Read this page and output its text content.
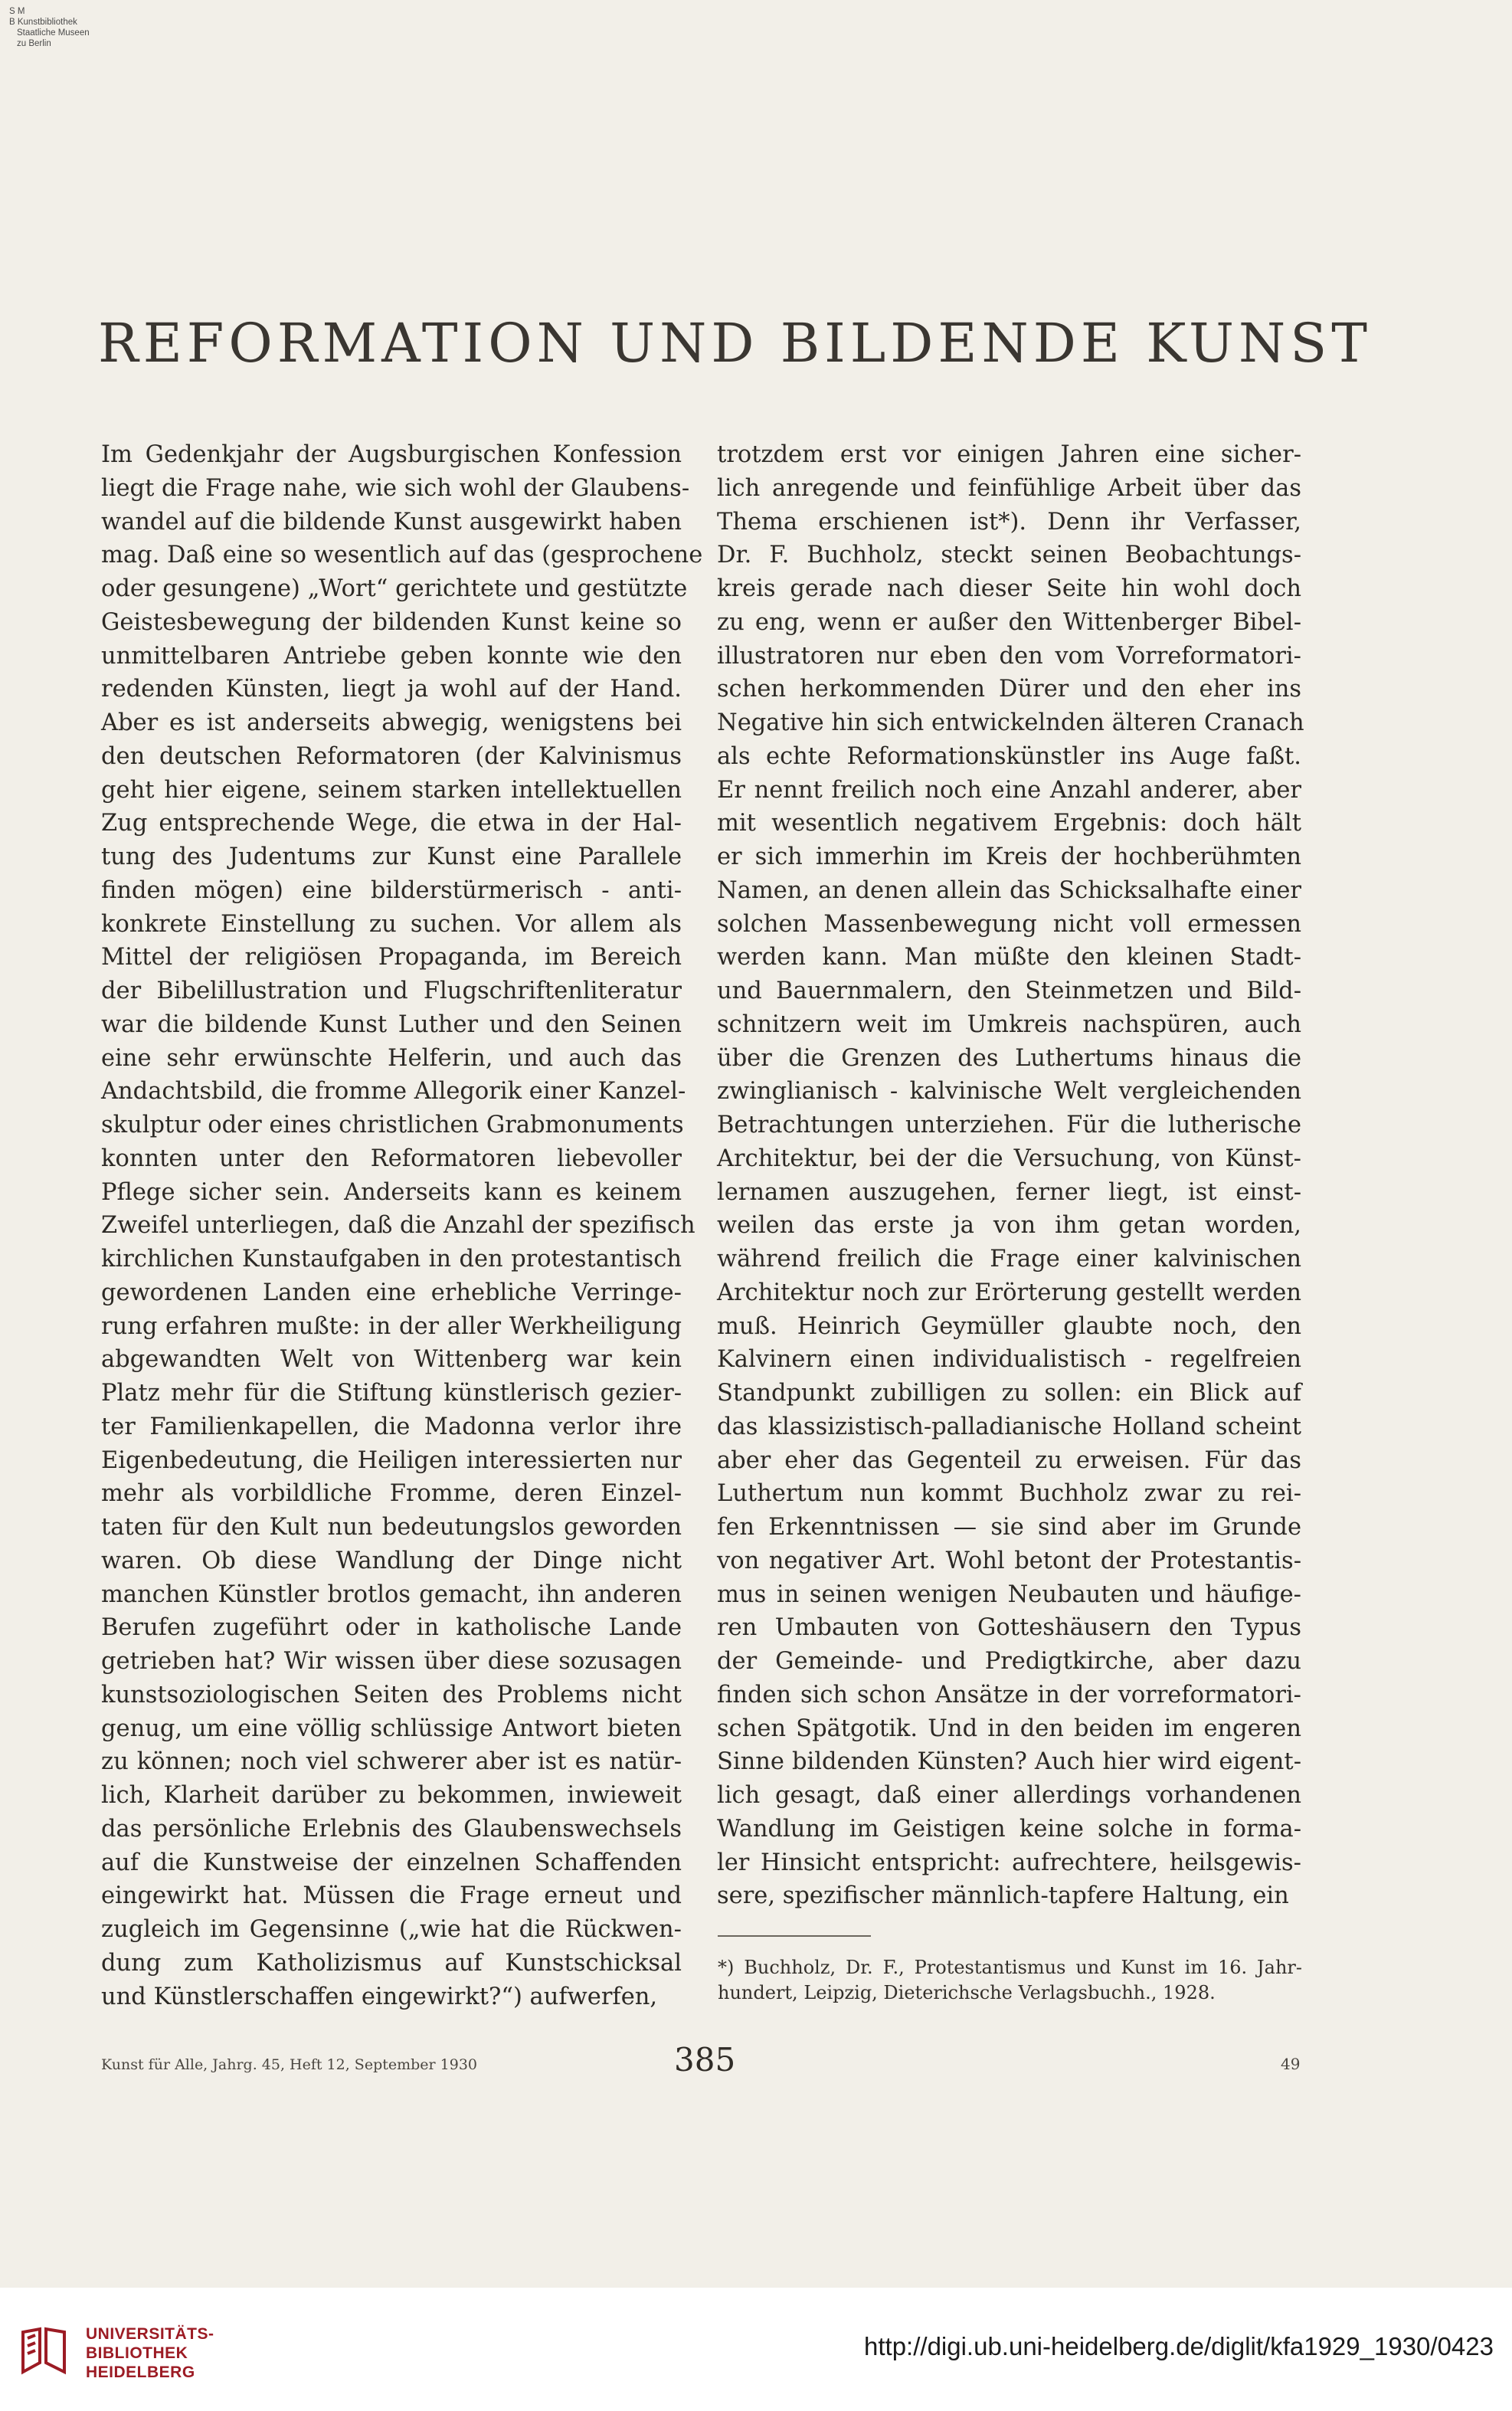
S M
B Kunstbibliothek
Staatliche Museen
zu Berlin
REFORMATION UND BILDENDE KUNST
Im Gedenkjahr der Augsburgischen Konfession
liegt die Frage nahe, wie sich wohl der Glaubens-
wandel auf die bildende Kunst ausgewirkt haben
mag. Daß eine so wesentlich auf das (gesprochene
oder gesungene) „Wort“ gerichtete und gestützte
Geistesbewegung der bildenden Kunst keine so
unmittelbaren Antriebe geben konnte wie den
redenden Künsten, liegt ja wohl auf der Hand.
Aber es ist anderseits abwegig, wenigstens bei
den deutschen Reformatoren (der Kalvinismus
geht hier eigene, seinem starken intellektuellen
Zug entsprechende Wege, die etwa in der Hal-
tung des Judentums zur Kunst eine Parallele
finden mögen) eine bilderstürmerisch - anti-
konkrete Einstellung zu suchen. Vor allem als
Mittel der religiösen Propaganda, im Bereich
der Bibelillustration und Flugschriftenliteratur
war die bildende Kunst Luther und den Seinen
eine sehr erwünschte Helferin, und auch das
Andachtsbild, die fromme Allegorik einer Kanzel-
skulptur oder eines christlichen Grabmonuments
konnten unter den Reformatoren liebevoller
Pflege sicher sein. Anderseits kann es keinem
Zweifel unterliegen, daß die Anzahl der spezifisch
kirchlichen Kunstaufgaben in den protestantisch
gewordenen Landen eine erhebliche Verringe-
rung erfahren mußte: in der aller Werkheiligung
abgewandten Welt von Wittenberg war kein
Platz mehr für die Stiftung künstlerisch gezier-
ter Familienkapellen, die Madonna verlor ihre
Eigenbedeutung, die Heiligen interessierten nur
mehr als vorbildliche Fromme, deren Einzel-
taten für den Kult nun bedeutungslos geworden
waren. Ob diese Wandlung der Dinge nicht
manchen Künstler brotlos gemacht, ihn anderen
Berufen zugeführt oder in katholische Lande
getrieben hat? Wir wissen über diese sozusagen
kunstsoziologischen Seiten des Problems nicht
genug, um eine völlig schlüssige Antwort bieten
zu können; noch viel schwerer aber ist es natür-
lich, Klarheit darüber zu bekommen, inwieweit
das persönliche Erlebnis des Glaubenswechsels
auf die Kunstweise der einzelnen Schaffenden
eingewirkt hat. Müssen die Frage erneut und
zugleich im Gegensinne („wie hat die Rückwen-
dung zum Katholizismus auf Kunstschicksal
und Künstlerschaffen eingewirkt?“) aufwerfen,
trotzdem erst vor einigen Jahren eine sicher-
lich anregende und feinfühlige Arbeit über das
Thema erschienen ist*). Denn ihr Verfasser,
Dr. F. Buchholz, steckt seinen Beobachtungs-
kreis gerade nach dieser Seite hin wohl doch
zu eng, wenn er außer den Wittenberger Bibel-
illustratoren nur eben den vom Vorreformatori-
schen herkommenden Dürer und den eher ins
Negative hin sich entwickelnden älteren Cranach
als echte Reformationskünstler ins Auge faßt.
Er nennt freilich noch eine Anzahl anderer, aber
mit wesentlich negativem Ergebnis: doch hält
er sich immerhin im Kreis der hochberühmten
Namen, an denen allein das Schicksalhafte einer
solchen Massenbewegung nicht voll ermessen
werden kann. Man müßte den kleinen Stadt-
und Bauernmalern, den Steinmetzen und Bild-
schnitzern weit im Umkreis nachspüren, auch
über die Grenzen des Luthertums hinaus die
zwinglianisch - kalvinische Welt vergleichenden
Betrachtungen unterziehen. Für die lutherische
Architektur, bei der die Versuchung, von Künst-
lernamen auszugehen, ferner liegt, ist einst-
weilen das erste ja von ihm getan worden,
während freilich die Frage einer kalvinischen
Architektur noch zur Erörterung gestellt werden
muß. Heinrich Geymüller glaubte noch, den
Kalvinern einen individualistisch - regelfreien
Standpunkt zubilligen zu sollen: ein Blick auf
das klassizistisch-palladianische Holland scheint
aber eher das Gegenteil zu erweisen. Für das
Luthertum nun kommt Buchholz zwar zu rei-
fen Erkenntnissen — sie sind aber im Grunde
von negativer Art. Wohl betont der Protestantis-
mus in seinen wenigen Neubauten und häufige-
ren Umbauten von Gotteshäusern den Typus
der Gemeinde- und Predigtkirche, aber dazu
finden sich schon Ansätze in der vorreformatori-
schen Spätgotik. Und in den beiden im engeren
Sinne bildenden Künsten? Auch hier wird eigent-
lich gesagt, daß einer allerdings vorhandenen
Wandlung im Geistigen keine solche in forma-
ler Hinsicht entspricht: aufrechtere, heilsgewis-
sere, spezifischer männlich-tapfere Haltung, ein
*) Buchholz, Dr. F., Protestantismus und Kunst im 16. Jahr-
hundert, Leipzig, Dieterichsche Verlagsbuchh., 1928.
Kunst für Alle, Jahrg. 45, Heft 12, September 1930	385	49
UNIVERSITÄTS-
BIBLIOTHEK
HEIDELBERG
http://digi.ub.uni-heidelberg.de/diglit/kfa1929_1930/0423
